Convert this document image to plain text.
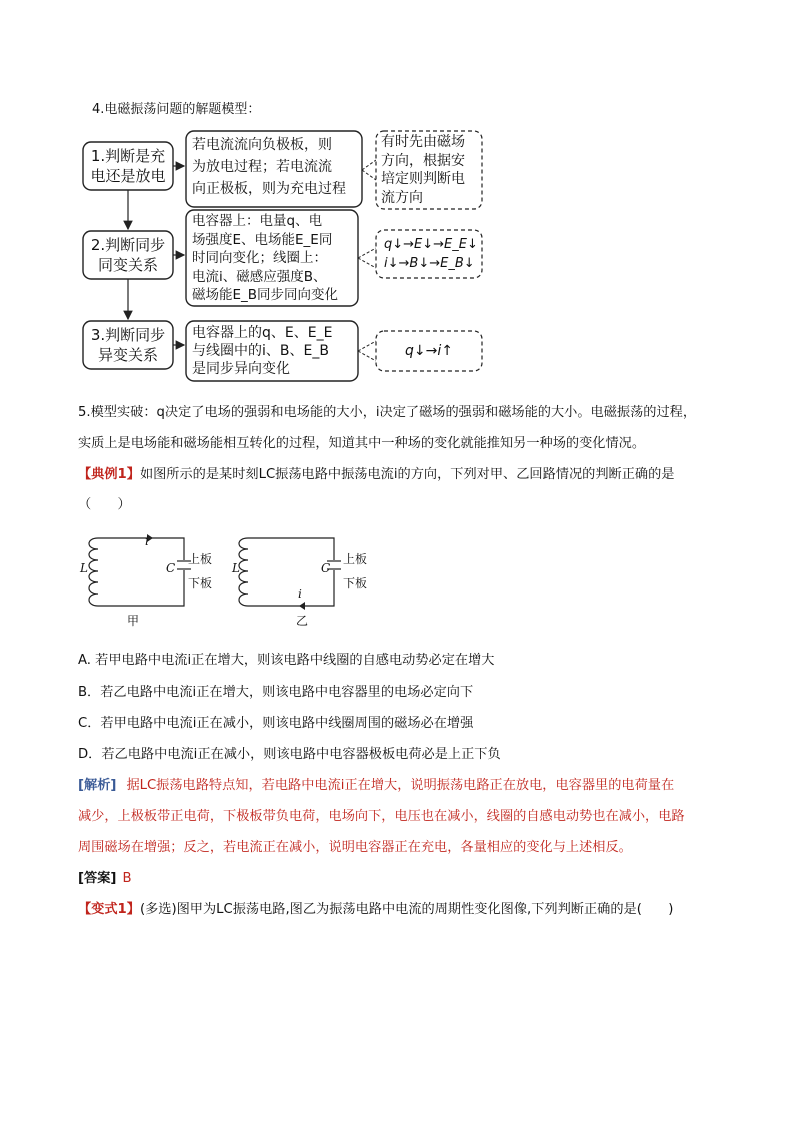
4.电磁振荡问题的解题模型：
1.判断是充
电还是放电
2.判断同步
同变关系
3.判断同步
异变关系
若电流流向负极板，则
为放电过程；若电流流
向正极板，则为充电过程
电容器上：电量q、电
场强度E、电场能E_E同
时同向变化；线圈上：
电流i、磁感应强度B、
磁场能E_B同步同向变化
电容器上的q、E、E_E
与线圈中的i、B、E_B
是同步异向变化
有时先由磁场
方向，根据安
培定则判断电
流方向
q↓→E↓→E_E↓
i↓→B↓→E_B↓
q↓→i↑
5.模型实破：q决定了电场的强弱和电场能的大小，i决定了磁场的强弱和磁场能的大小。电磁振荡的过程，
实质上是电场能和磁场能相互转化的过程，知道其中一种场的变化就能推知另一种场的变化情况。
【典例1】如图所示的是某时刻LC振荡电路中振荡电流i的方向，下列对甲、乙回路情况的判断正确的是
（　　）
L	C
i
上板
下板
甲
L	C
i
上板
下板
乙
A. 若甲电路中电流i正在增大，则该电路中线圈的自感电动势必定在增大
B．若乙电路中电流i正在增大，则该电路中电容器里的电场必定向下
C．若甲电路中电流i正在减小，则该电路中线圈周围的磁场必在增强
D．若乙电路中电流i正在减小，则该电路中电容器极板电荷必是上正下负
[解析] 据LC振荡电路特点知，若电路中电流i正在增大，说明振荡电路正在放电，电容器里的电荷量在
减少，上极板带正电荷，下极板带负电荷，电场向下，电压也在减小，线圈的自感电动势也在减小，电路
周围磁场在增强；反之，若电流正在减小，说明电容器正在充电，各量相应的变化与上述相反。
[答案] B
【变式1】(多选)图甲为LC振荡电路,图乙为振荡电路中电流的周期性变化图像,下列判断正确的是(　　)
